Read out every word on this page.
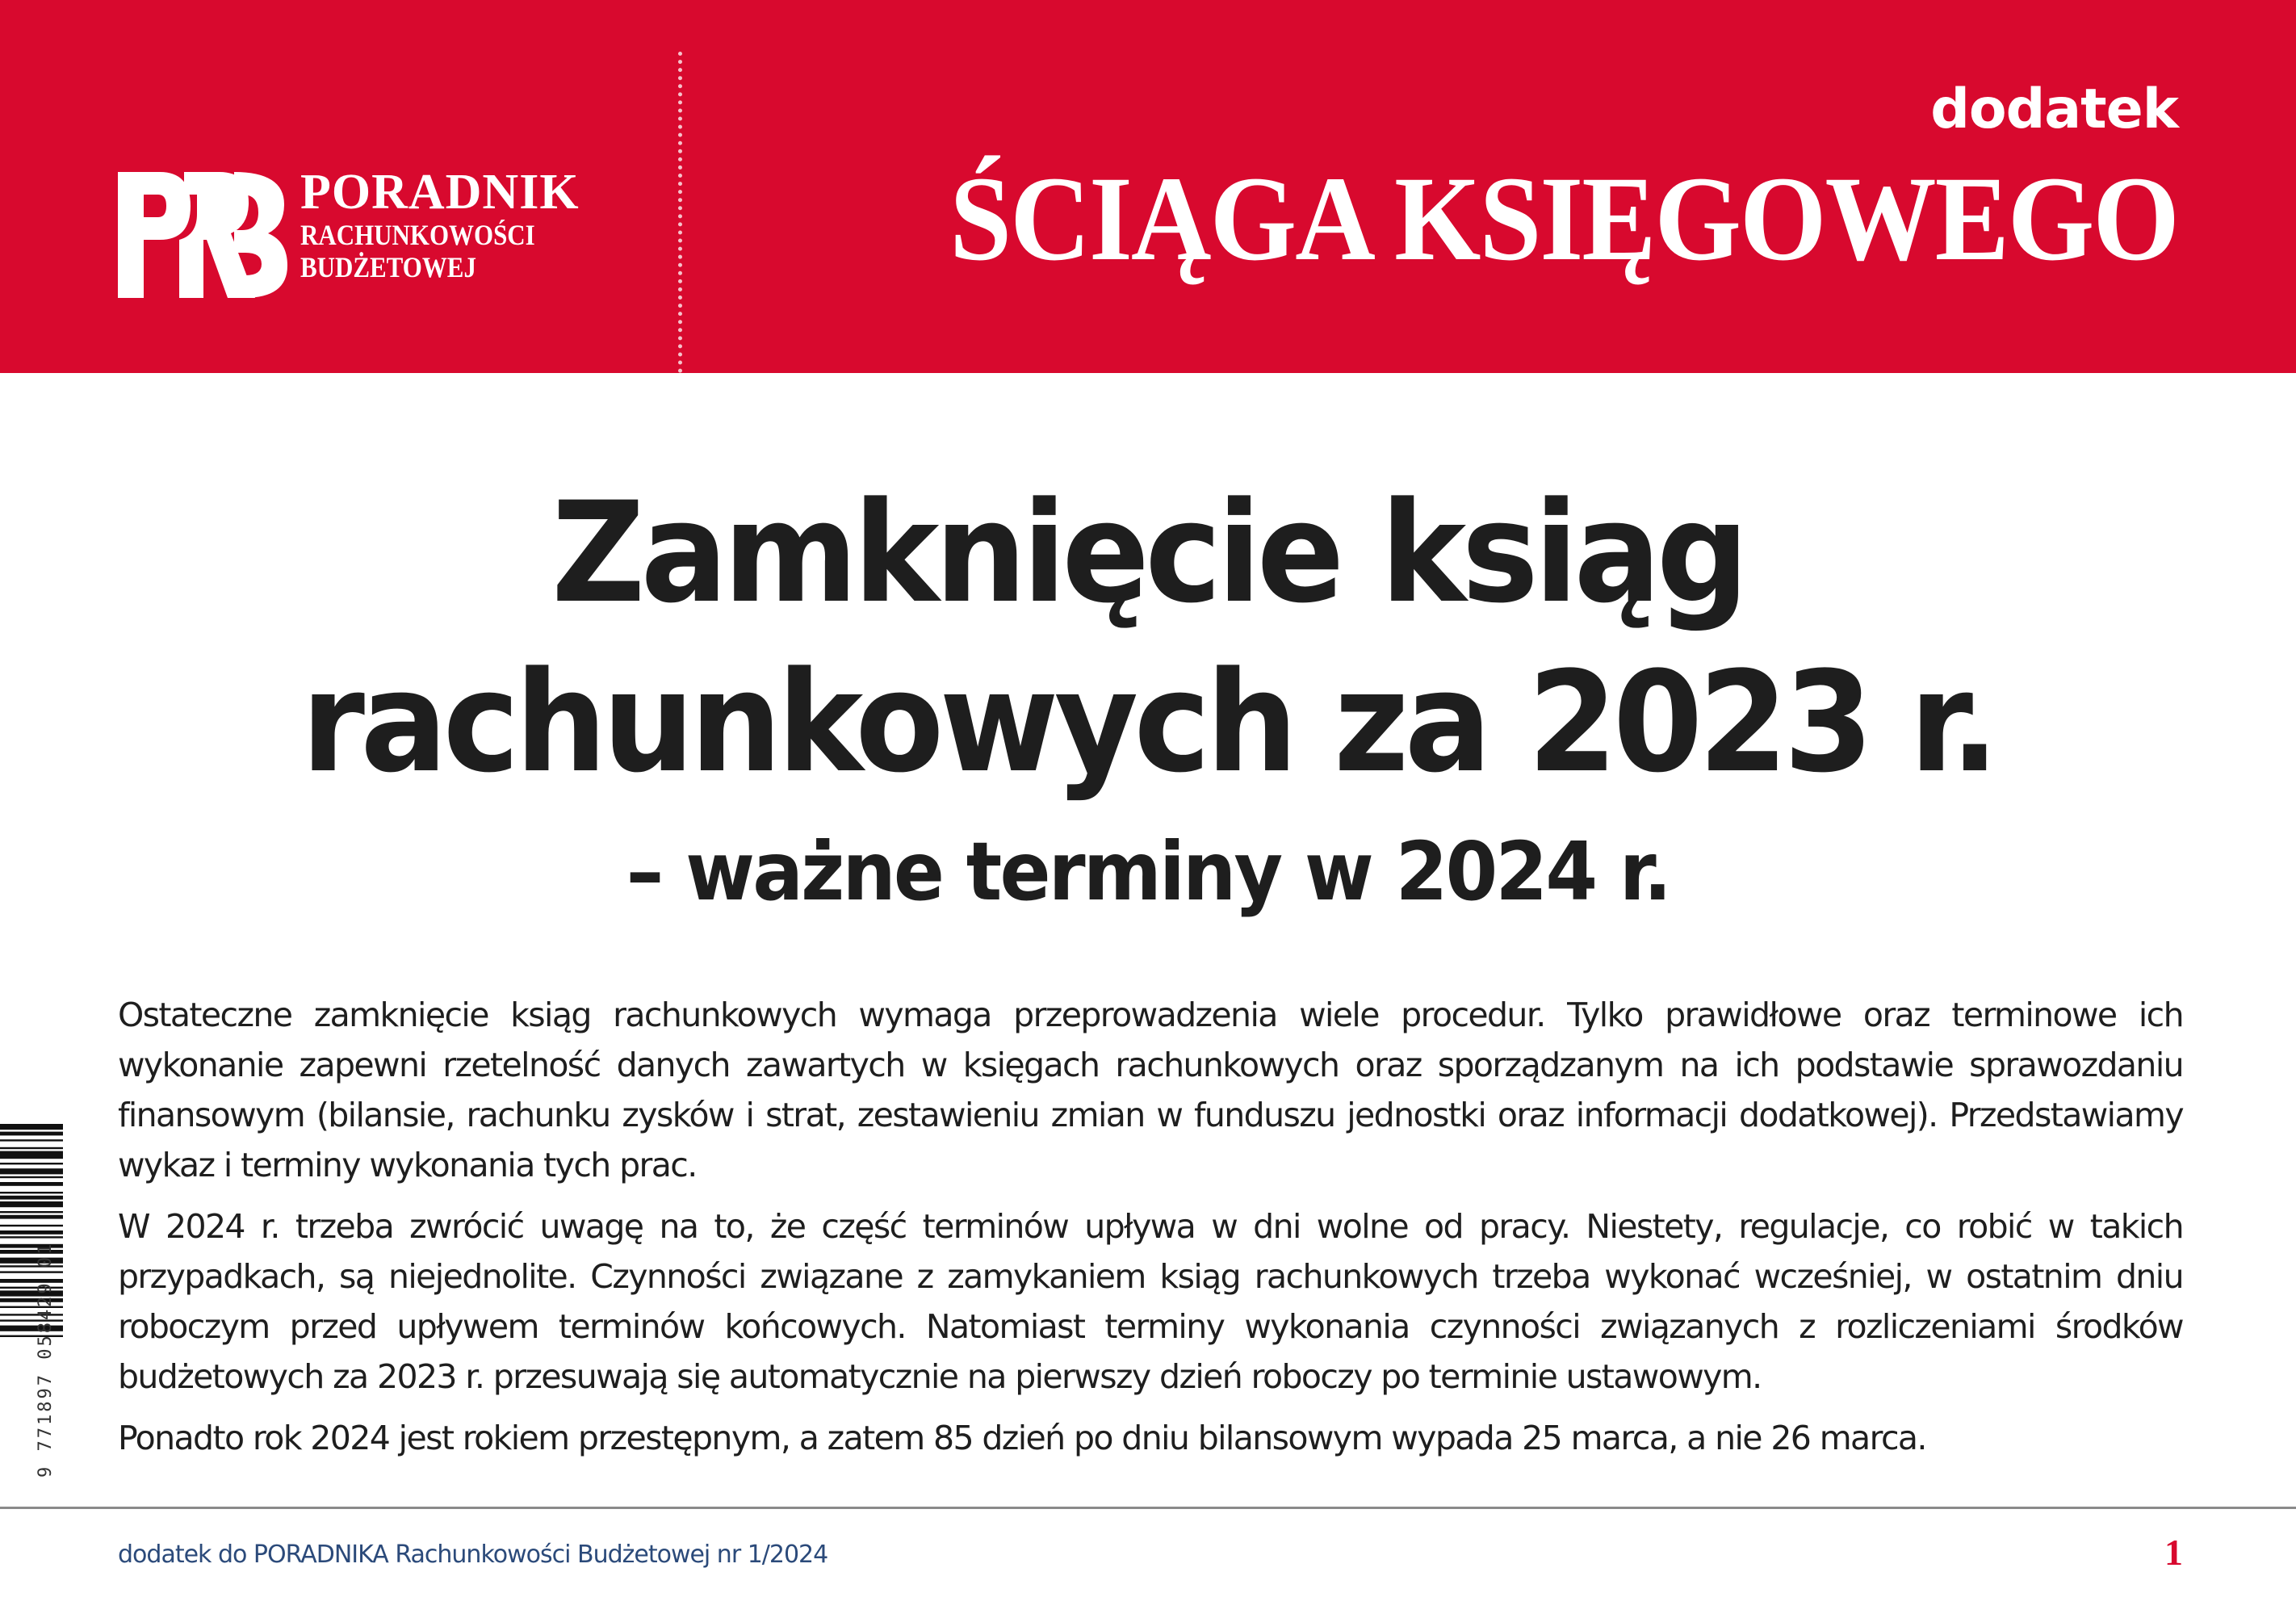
PORADNIK
RACHUNKOWOŚCI
BUDŻETOWEJ
dodatek
ŚCIĄGA KSIĘGOWEGO
Zamknięcie ksiąg
rachunkowych za 2023 r.
– ważne terminy w 2024 r.

Ostateczne zamknięcie ksiąg rachunkowych wymaga przeprowadzenia wiele procedur. Tylko prawidłowe oraz terminowe ich wykonanie zapewni rzetelność danych zawartych w księgach rachunkowych oraz sporządzanym na ich podstawie sprawozdaniu finansowym (bilansie, rachunku zysków i strat, zestawieniu zmian w funduszu jednostki oraz informacji dodatkowej). Przedstawiamy wykaz i terminy wykonania tych prac.

W 2024 r. trzeba zwrócić uwagę na to, że część terminów upływa w dni wolne od pracy. Niestety, regulacje, co robić w takich przypadkach, są niejednolite. Czynności związane z zamykaniem ksiąg rachunkowych trzeba wykonać wcześniej, w ostatnim dniu roboczym przed upływem terminów końcowych. Natomiast terminy wykonania czynności związanych z rozliczeniami środków budżetowych za 2023 r. przesuwają się automatycznie na pierwszy dzień roboczy po terminie ustawowym.

Ponadto rok 2024 jest rokiem przestępnym, a zatem 85 dzień po dniu bilansowym wypada 25 marca, a nie 26 marca.

9 771897 058429 01
dodatek do PORADNIKA Rachunkowości Budżetowej nr 1/2024	1
